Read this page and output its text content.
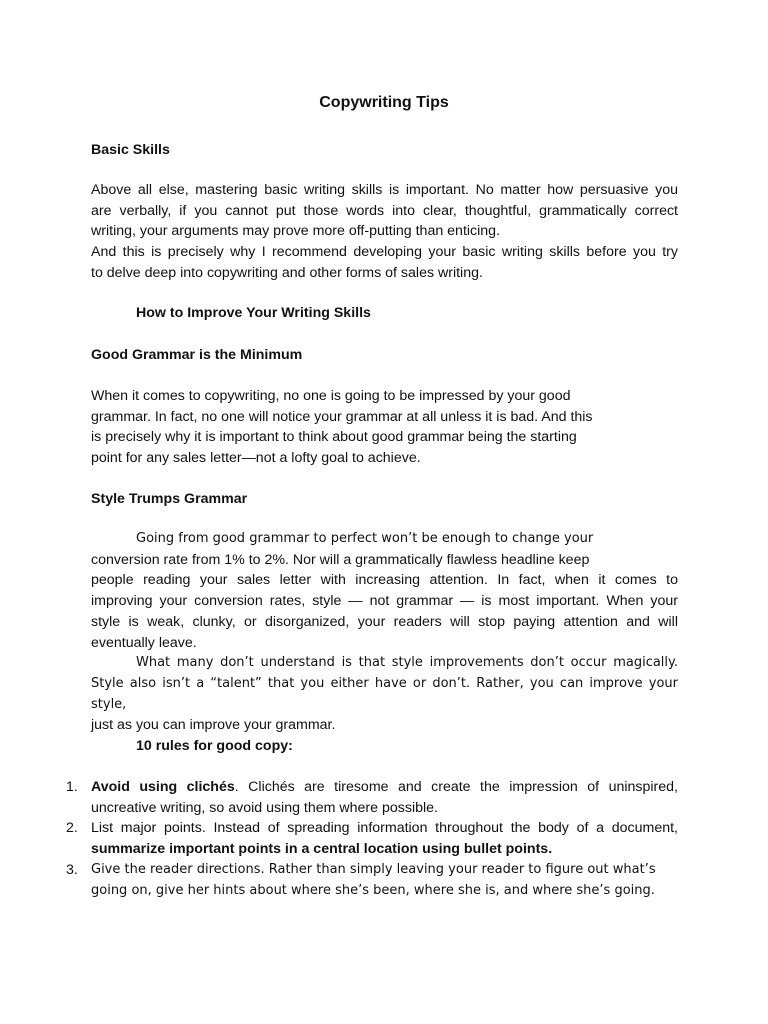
Copywriting Tips
Basic Skills
Above all else, mastering basic writing skills is important. No matter how persuasive you
are verbally, if you cannot put those words into clear, thoughtful, grammatically correct
writing, your arguments may prove more off-putting than enticing.
And this is precisely why I recommend developing your basic writing skills before you try
to delve deep into copywriting and other forms of sales writing.
How to Improve Your Writing Skills
Good Grammar is the Minimum
When it comes to copywriting, no one is going to be impressed by your good
grammar. In fact, no one will notice your grammar at all unless it is bad. And this
is precisely why it is important to think about good grammar being the starting
point for any sales letter—not a lofty goal to achieve.
Style Trumps Grammar
Going from good grammar to perfect won’t be enough to change your
conversion rate from 1% to 2%. Nor will a grammatically flawless headline keep
people reading your sales letter with increasing attention. In fact, when it comes to
improving your conversion rates, style — not grammar — is most important. When your
style is weak, clunky, or disorganized, your readers will stop paying attention and will
eventually leave.
What many don’t understand is that style improvements don’t occur magically.
Style also isn’t a “talent” that you either have or don’t. Rather, you can improve your style,
just as you can improve your grammar.
10 rules for good copy:
1. Avoid using clichés. Clichés are tiresome and create the impression of uninspired,
uncreative writing, so avoid using them where possible.
2. List major points. Instead of spreading information throughout the body of a document,
summarize important points in a central location using bullet points.
3. Give the reader directions. Rather than simply leaving your reader to figure out what’s
going on, give her hints about where she’s been, where she is, and where she’s going.
